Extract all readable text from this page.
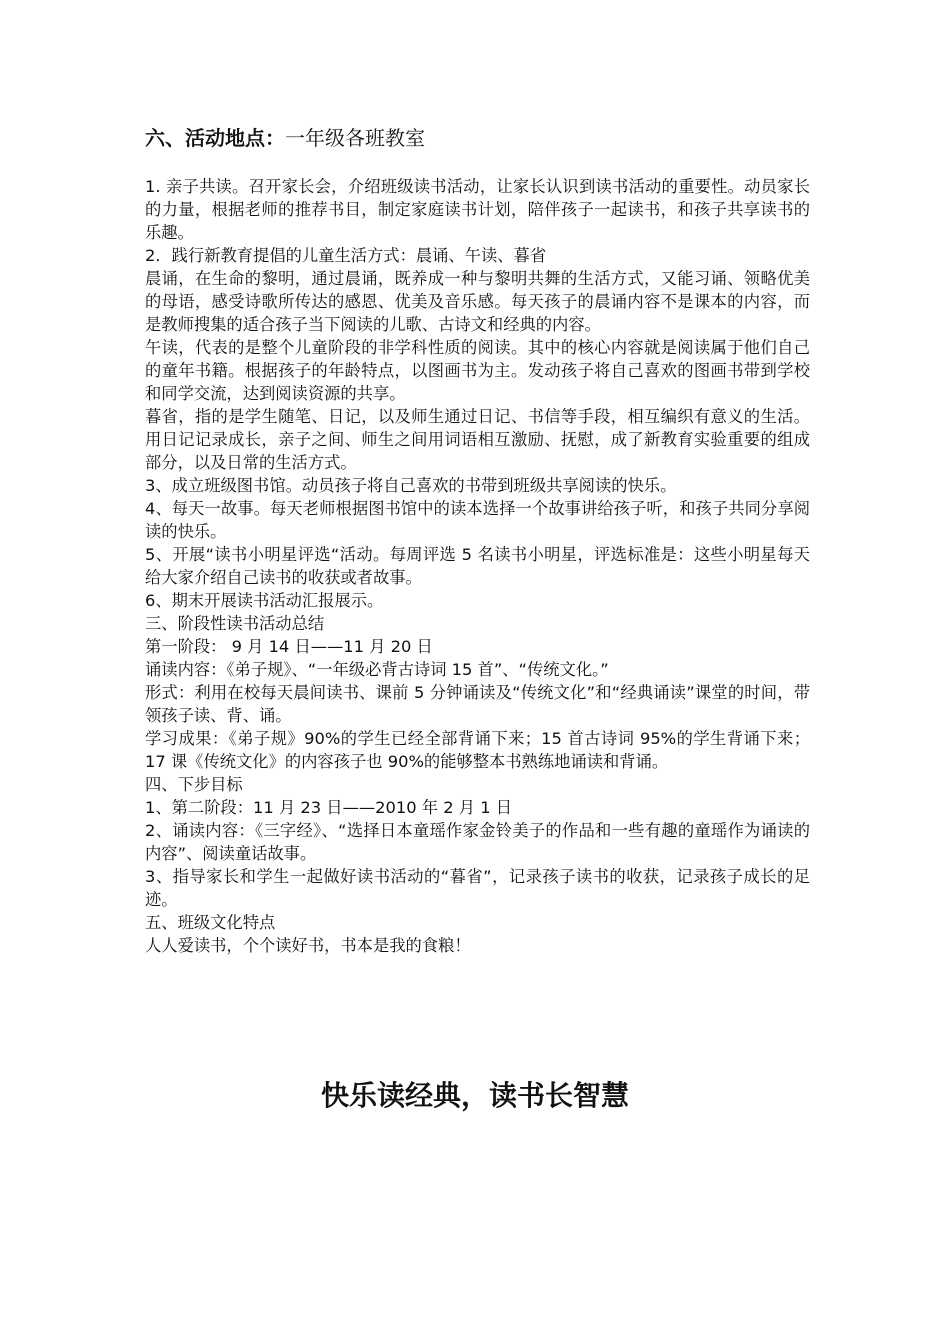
六、活动地点：一年级各班教室

1. 亲子共读。召开家长会，介绍班级读书活动，让家长认识到读书活动的重要性。动员家长的力量，根据老师的推荐书目，制定家庭读书计划，陪伴孩子一起读书，和孩子共享读书的乐趣。

2．践行新教育提倡的儿童生活方式：晨诵、午读、暮省

晨诵，在生命的黎明，通过晨诵，既养成一种与黎明共舞的生活方式，又能习诵、领略优美的母语，感受诗歌所传达的感恩、优美及音乐感。每天孩子的晨诵内容不是课本的内容，而是教师搜集的适合孩子当下阅读的儿歌、古诗文和经典的内容。

午读，代表的是整个儿童阶段的非学科性质的阅读。其中的核心内容就是阅读属于他们自己的童年书籍。根据孩子的年龄特点，以图画书为主。发动孩子将自己喜欢的图画书带到学校和同学交流，达到阅读资源的共享。

暮省，指的是学生随笔、日记，以及师生通过日记、书信等手段，相互编织有意义的生活。用日记记录成长，亲子之间、师生之间用词语相互激励、抚慰，成了新教育实验重要的组成部分，以及日常的生活方式。

3、成立班级图书馆。动员孩子将自己喜欢的书带到班级共享阅读的快乐。

4、每天一故事。每天老师根据图书馆中的读本选择一个故事讲给孩子听，和孩子共同分享阅读的快乐。

5、开展“读书小明星评选“活动。每周评选 5 名读书小明星，评选标准是：这些小明星每天给大家介绍自己读书的收获或者故事。

6、期末开展读书活动汇报展示。

三、阶段性读书活动总结

第一阶段： 9 月 14 日——11 月 20 日

诵读内容：《弟子规》、“一年级必背古诗词 15 首”、“传统文化。”

形式：利用在校每天晨间读书、课前 5 分钟诵读及“传统文化”和“经典诵读”课堂的时间，带领孩子读、背、诵。

学习成果：《弟子规》90%的学生已经全部背诵下来；15 首古诗词 95%的学生背诵下来；17 课《传统文化》的内容孩子也 90%的能够整本书熟练地诵读和背诵。

四、下步目标

1、第二阶段：11 月 23 日——2010 年 2 月 1 日

2、诵读内容：《三字经》、“选择日本童瑶作家金铃美子的作品和一些有趣的童瑶作为诵读的内容”、阅读童话故事。

3、指导家长和学生一起做好读书活动的“暮省”，记录孩子读书的收获，记录孩子成长的足迹。

五、班级文化特点

人人爱读书，个个读好书，书本是我的食粮！

快乐读经典，读书长智慧
